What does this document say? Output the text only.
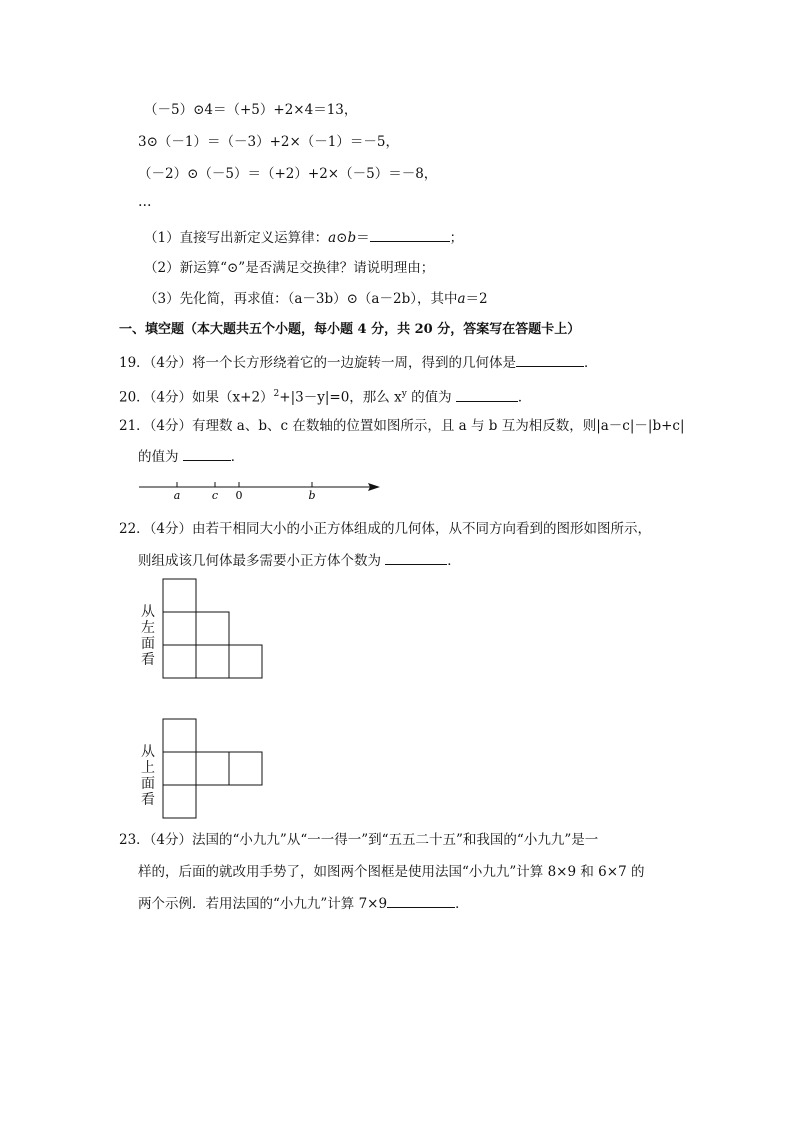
（－5）⊙4＝（+5）+2×4＝13，
3⊙（－1）＝（－3）+2×（－1）＝－5，
（－2）⊙（－5）＝（+2）+2×（－5）＝－8，
…
（1）直接写出新定义运算律：a⊙b＝	；
（2）新运算“⊙”是否满足交换律？请说明理由；
（3）先化简，再求值：（a－3b）⊙（a－2b），其中a＝2
一、填空题（本大题共五个小题，每小题 4 分，共 20 分，答案写在答题卡上）
19．（4分）将一个长方形绕着它的一边旋转一周，得到的几何体是	．
20．（4分）如果$(x+2)^2+|3-y|=0$，那么 $x^y$ 的值为	．
21．（4分）有理数 a、b、c 在数轴的位置如图所示，且 a 与 b 互为相反数，则|a－c|－|b+c|
的值为	．
a	c 0	b
22．（4分）由若干相同大小的小正方体组成的几何体，从不同方向看到的图形如图所示，
则组成该几何体最多需要小正方体个数为	．
从
左
面
看
从
上
面
看
23．（4分）法国的“小九九”从“一一得一”到“五五二十五”和我国的“小九九”是一
样的，后面的就改用手势了，如图两个图框是使用法国“小九九”计算 8×9 和 6×7 的
两个示例．若用法国的“小九九”计算 7×9	．
